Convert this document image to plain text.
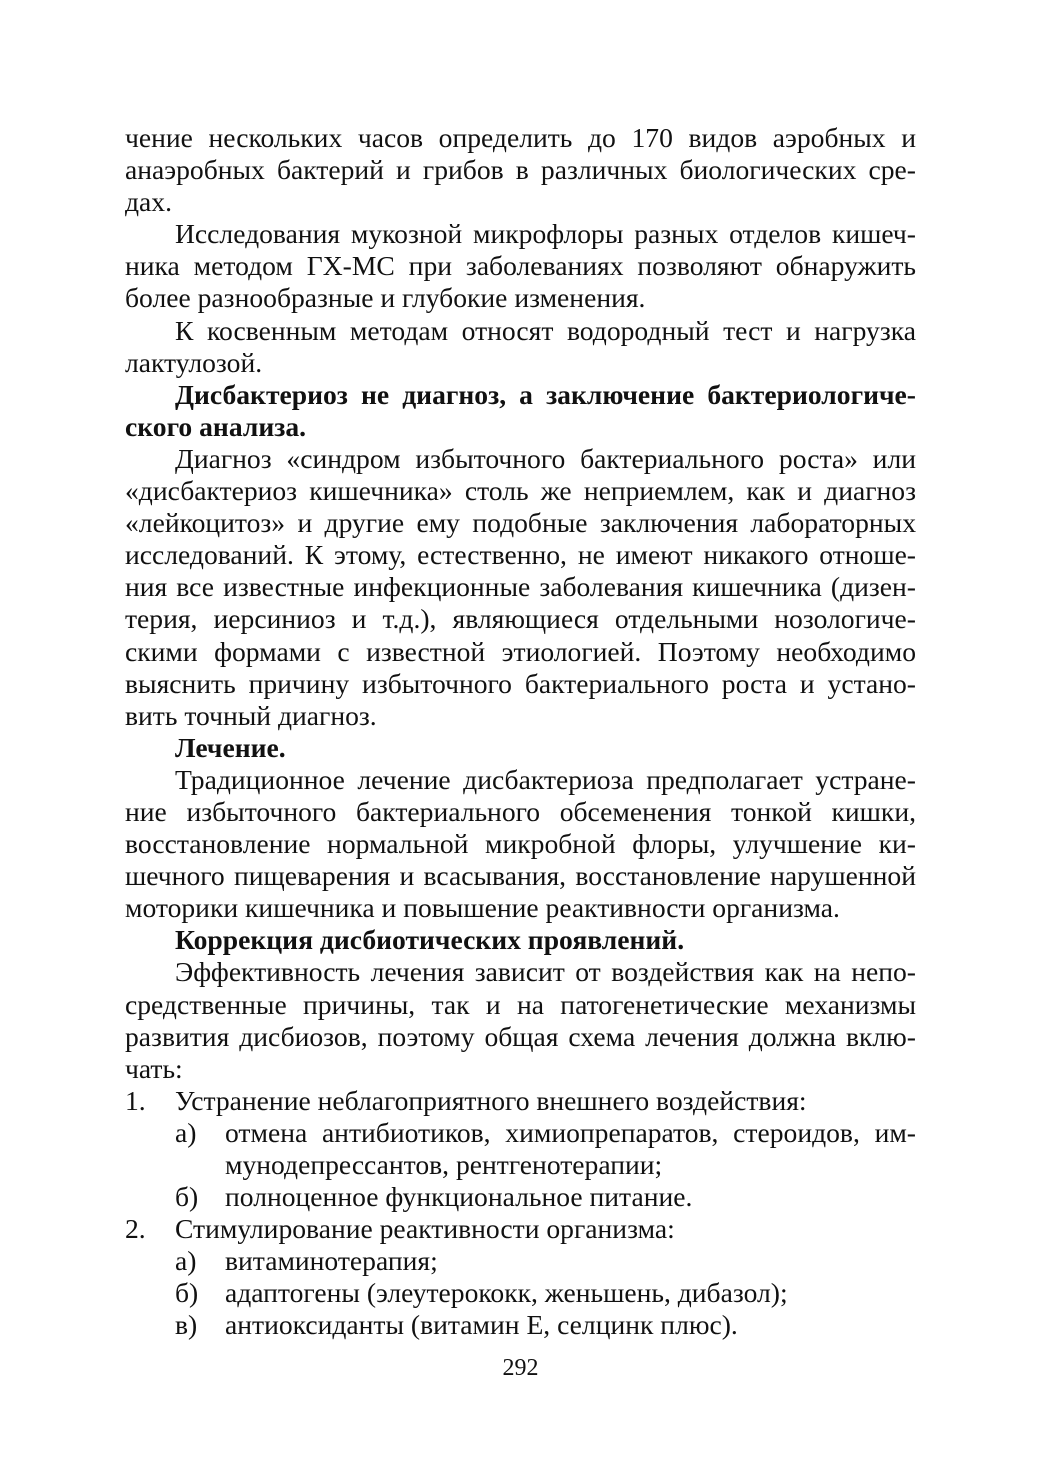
чение нескольких часов определить до 170 видов аэробных и анаэробных бактерий и грибов в различных биологических сре-дах.

Исследования мукозной микрофлоры разных отделов кишеч-ника методом ГХ-МС при заболеваниях позволяют обнаружить более разнообразные и глубокие изменения.

К косвенным методам относят водородный тест и нагрузка лактулозой.

Дисбактериоз не диагноз, а заключение бактериологиче-ского анализа.

Диагноз «синдром избыточного бактериального роста» или «дисбактериоз кишечника» столь же неприемлем, как и диагноз «лейкоцитоз» и другие ему подобные заключения лабораторных исследований. К этому, естественно, не имеют никакого отноше-ния все известные инфекционные заболевания кишечника (дизен-терия, иерсиниоз и т.д.), являющиеся отдельными нозологиче-скими формами с известной этиологией. Поэтому необходимо выяснить причину избыточного бактериального роста и устано-вить точный диагноз.

Лечение.

Традиционное лечение дисбактериоза предполагает устране-ние избыточного бактериального обсеменения тонкой кишки, восстановление нормальной микробной флоры, улучшение ки-шечного пищеварения и всасывания, восстановление нарушенной моторики кишечника и повышение реактивности организма.

Коррекция дисбиотических проявлений.

Эффективность лечения зависит от воздействия как на непо-средственные причины, так и на патогенетические механизмы развития дисбиозов, поэтому общая схема лечения должна вклю-чать:

1. Устранение неблагоприятного внешнего воздействия:
а) отмена антибиотиков, химиопрепаратов, стероидов, им-мунодепрессантов, рентгенотерапии;
б) полноценное функциональное питание.
2. Стимулирование реактивности организма:
а) витаминотерапия;
б) адаптогены (элеутерококк, женьшень, дибазол);
в) антиоксиданты (витамин Е, селцинк плюс).
292
